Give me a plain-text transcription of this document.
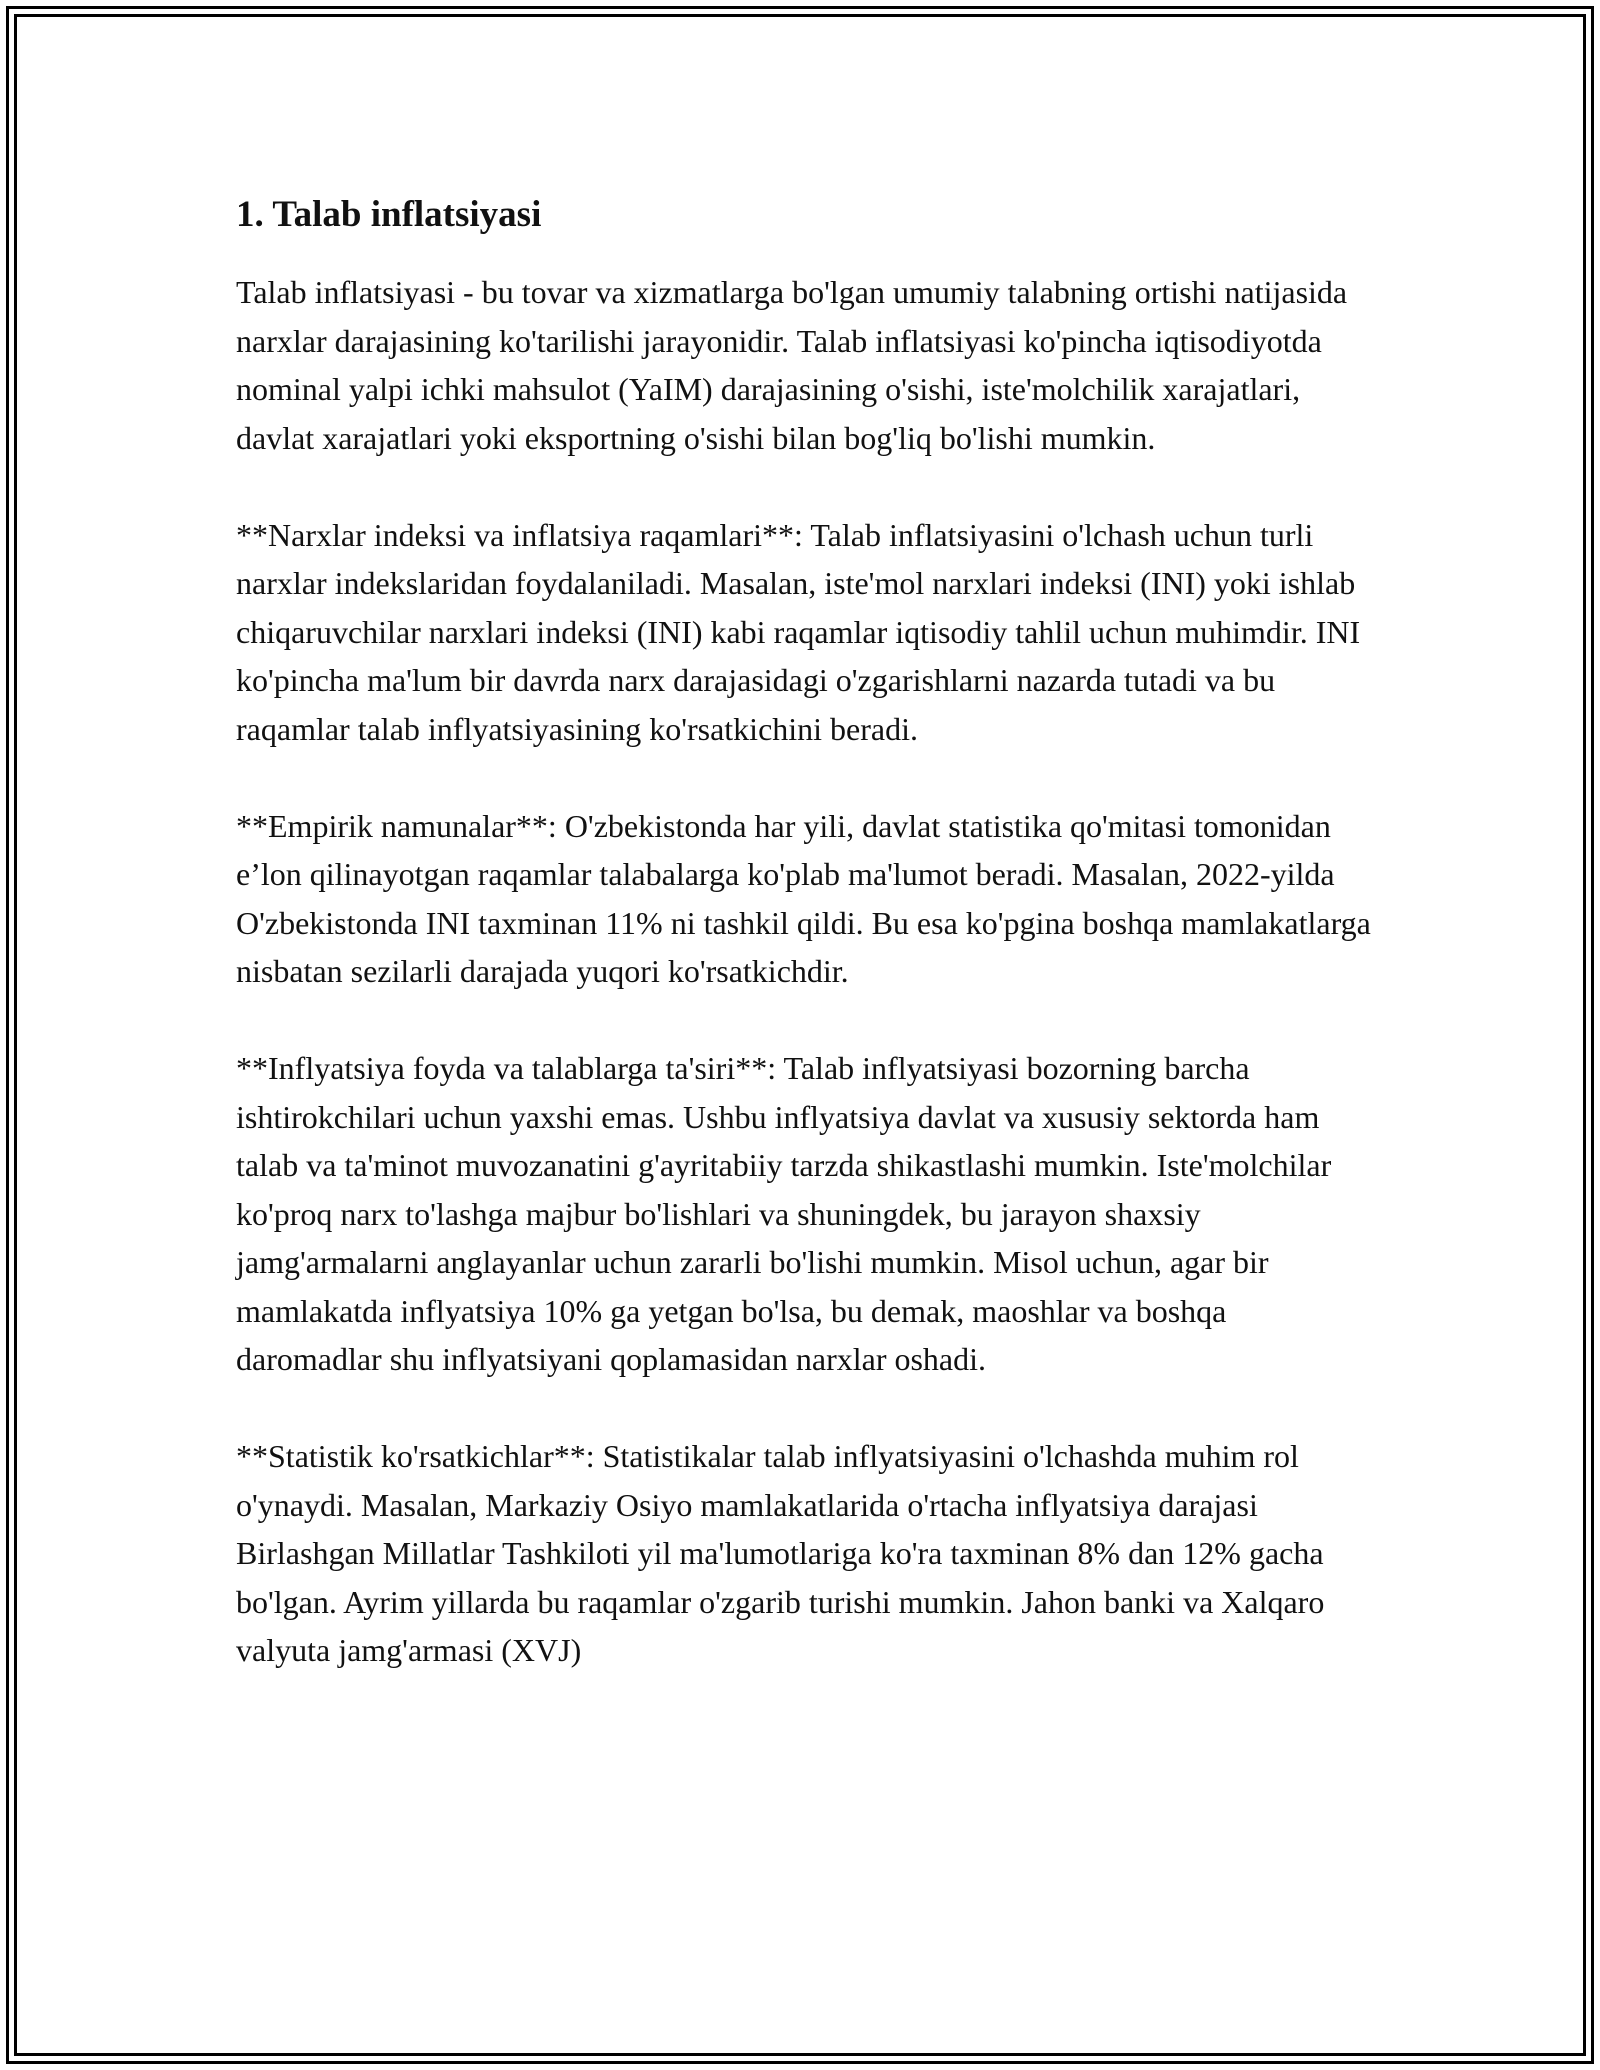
1. Talab inflatsiyasi

Talab inflatsiyasi - bu tovar va xizmatlarga bo'lgan umumiy talabning ortishi natijasida narxlar darajasining ko'tarilishi jarayonidir. Talab inflatsiyasi ko'pincha iqtisodiyotda nominal yalpi ichki mahsulot (YaIM) darajasining o'sishi, iste'molchilik xarajatlari, davlat xarajatlari yoki eksportning o'sishi bilan bog'liq bo'lishi mumkin.

**Narxlar indeksi va inflatsiya raqamlari**: Talab inflatsiyasini o'lchash uchun turli narxlar indekslaridan foydalaniladi. Masalan, iste'mol narxlari indeksi (INI) yoki ishlab chiqaruvchilar narxlari indeksi (INI) kabi raqamlar iqtisodiy tahlil uchun muhimdir. INI ko'pincha ma'lum bir davrda narx darajasidagi o'zgarishlarni nazarda tutadi va bu raqamlar talab inflyatsiyasining ko'rsatkichini beradi.

**Empirik namunalar**: O'zbekistonda har yili, davlat statistika qo'mitasi tomonidan e’lon qilinayotgan raqamlar talabalarga ko'plab ma'lumot beradi. Masalan, 2022-yilda O'zbekistonda INI taxminan 11% ni tashkil qildi. Bu esa ko'pgina boshqa mamlakatlarga nisbatan sezilarli darajada yuqori ko'rsatkichdir.

**Inflyatsiya foyda va talablarga ta'siri**: Talab inflyatsiyasi bozorning barcha ishtirokchilari uchun yaxshi emas. Ushbu inflyatsiya davlat va xususiy sektorda ham talab va ta'minot muvozanatini g'ayritabiiy tarzda shikastlashi mumkin. Iste'molchilar ko'proq narx to'lashga majbur bo'lishlari va shuningdek, bu jarayon shaxsiy jamg'armalarni anglayanlar uchun zararli bo'lishi mumkin. Misol uchun, agar bir mamlakatda inflyatsiya 10% ga yetgan bo'lsa, bu demak, maoshlar va boshqa daromadlar shu inflyatsiyani qoplamasidan narxlar oshadi.

**Statistik ko'rsatkichlar**: Statistikalar talab inflyatsiyasini o'lchashda muhim rol o'ynaydi. Masalan, Markaziy Osiyo mamlakatlarida o'rtacha inflyatsiya darajasi Birlashgan Millatlar Tashkiloti yil ma'lumotlariga ko'ra taxminan 8% dan 12% gacha bo'lgan. Ayrim yillarda bu raqamlar o'zgarib turishi mumkin. Jahon banki va Xalqaro valyuta jamg'armasi (XVJ)
